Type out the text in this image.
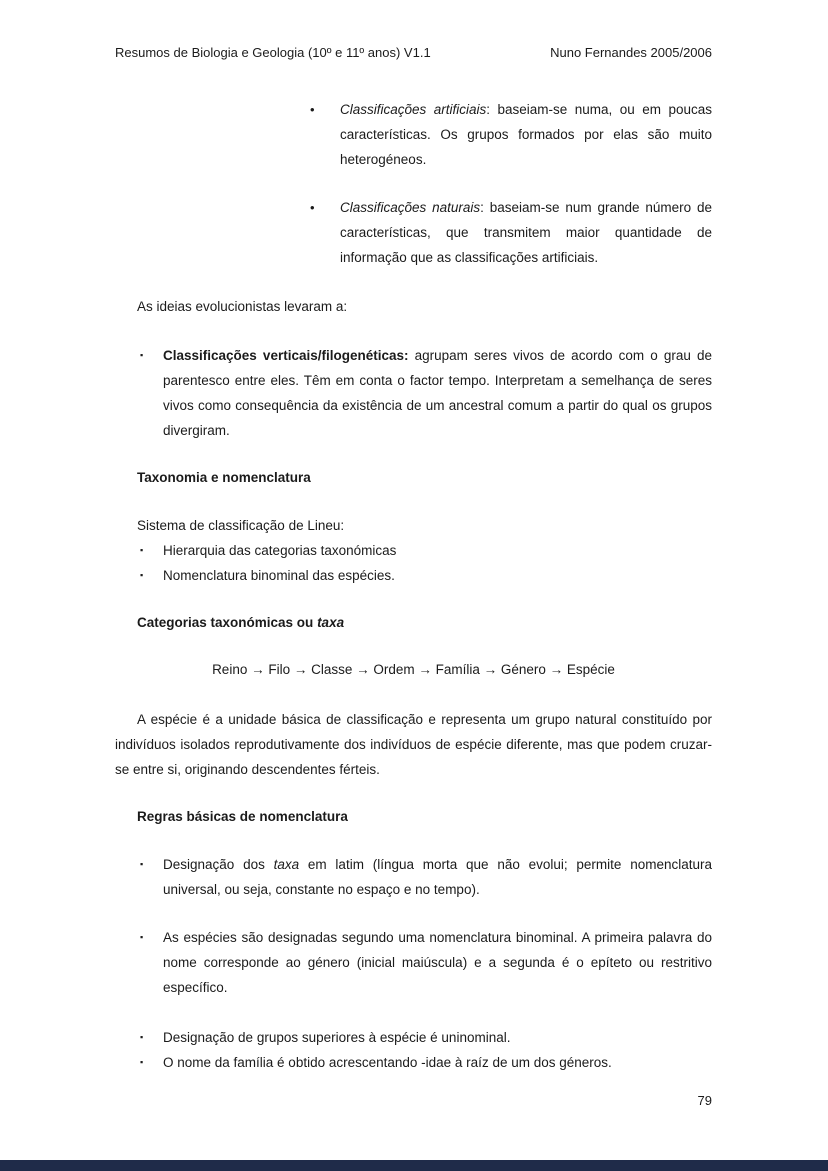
Resumos de Biologia e Geologia (10º e 11º anos) V1.1	Nuno Fernandes 2005/2006
•	Classificações artificiais: baseiam-se numa, ou em poucas características. Os grupos formados por elas são muito heterogéneos.
•	Classificações naturais: baseiam-se num grande número de características, que transmitem maior quantidade de informação que as classificações artificiais.
As ideias evolucionistas levaram a:
▪	Classificações verticais/filogenéticas: agrupam seres vivos de acordo com o grau de parentesco entre eles. Têm em conta o factor tempo. Interpretam a semelhança de seres vivos como consequência da existência de um ancestral comum a partir do qual os grupos divergiram.
Taxonomia e nomenclatura
Sistema de classificação de Lineu:
▪	Hierarquia das categorias taxonómicas
▪	Nomenclatura binominal das espécies.
Categorias taxonómicas ou taxa
Reino → Filo → Classe → Ordem → Família → Género → Espécie
A espécie é a unidade básica de classificação e representa um grupo natural constituído por indivíduos isolados reprodutivamente dos indivíduos de espécie diferente, mas que podem cruzar-se entre si, originando descendentes férteis.
Regras básicas de nomenclatura
▪	Designação dos taxa em latim (língua morta que não evolui; permite nomenclatura universal, ou seja, constante no espaço e no tempo).
▪	As espécies são designadas segundo uma nomenclatura binominal. A primeira palavra do nome corresponde ao género (inicial maiúscula) e a segunda é o epíteto ou restritivo específico.
▪	Designação de grupos superiores à espécie é uninominal.
▪	O nome da família é obtido acrescentando -idae à raíz de um dos géneros.
79
